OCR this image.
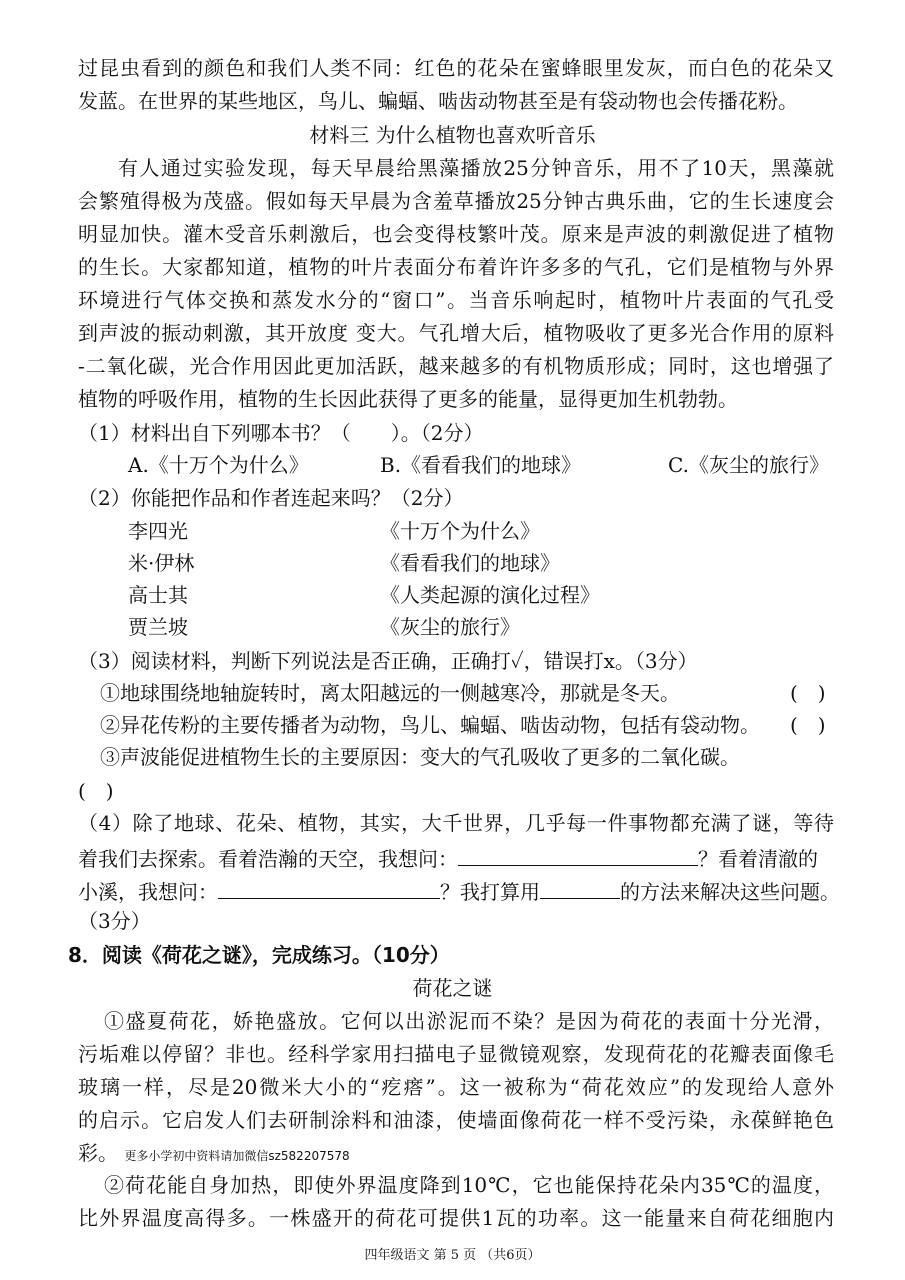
过昆虫看到的颜色和我们人类不同：红色的花朵在蜜蜂眼里发灰，而白色的花朵又
发蓝。在世界的某些地区，鸟儿、蝙蝠、啮齿动物甚至是有袋动物也会传播花粉。
材料三 为什么植物也喜欢听音乐
有人通过实验发现，每天早晨给黑藻播放25分钟音乐，用不了10天，黑藻就
会繁殖得极为茂盛。假如每天早晨为含羞草播放25分钟古典乐曲，它的生长速度会
明显加快。灌木受音乐刺激后，也会变得枝繁叶茂。原来是声波的刺激促进了植物
的生长。大家都知道，植物的叶片表面分布着许许多多的气孔，它们是植物与外界
环境进行气体交换和蒸发水分的“窗口”。当音乐响起时，植物叶片表面的气孔受
到声波的振动刺激，其开放度 变大。气孔增大后，植物吸收了更多光合作用的原料
-二氧化碳，光合作用因此更加活跃，越来越多的有机物质形成；同时，这也增强了
植物的呼吸作用，植物的生长因此获得了更多的能量，显得更加生机勃勃。
（1）材料出自下列哪本书？（　　）。（2分）
A.《十万个为什么》	B.《看看我们的地球》	C.《灰尘的旅行》
（2）你能把作品和作者连起来吗？（2分）
李四光	《十万个为什么》
米·伊林	《看看我们的地球》
高士其	《人类起源的演化过程》
贾兰坡	《灰尘的旅行》
（3）阅读材料，判断下列说法是否正确，正确打✓，错误打x。（3分）
①地球围绕地轴旋转时，离太阳越远的一侧越寒冷，那就是冬天。	(　)
②异花传粉的主要传播者为动物，鸟儿、蝙蝠、啮齿动物，包括有袋动物。 (　)
③声波能促进植物生长的主要原因：变大的气孔吸收了更多的二氧化碳。
(　)
（4）除了地球、花朵、植物，其实，大千世界，几乎每一件事物都充满了谜，等待
着我们去探索。看着浩瀚的天空，我想问：	？看着清澈的
小溪，我想问：	？我打算用	的方法来解决这些问题。
（3分）
8．阅读《荷花之谜》，完成练习。（10分）
荷花之谜
①盛夏荷花，娇艳盛放。它何以出淤泥而不染？是因为荷花的表面十分光滑，
污垢难以停留？非也。经科学家用扫描电子显微镜观察，发现荷花的花瓣表面像毛
玻璃一样，尽是20微米大小的“疙瘩”。这一被称为“荷花效应”的发现给人意外
的启示。它启发人们去研制涂料和油漆，使墙面像荷花一样不受污染，永葆鲜艳色
彩。 更多小学初中资料请加微信sz582207578
②荷花能自身加热，即使外界温度降到10℃，它也能保持花朵内35℃的温度，
比外界温度高得多。一株盛开的荷花可提供1瓦的功率。这一能量来自荷花细胞内
四年级语文 第 5 页 （共6页）
